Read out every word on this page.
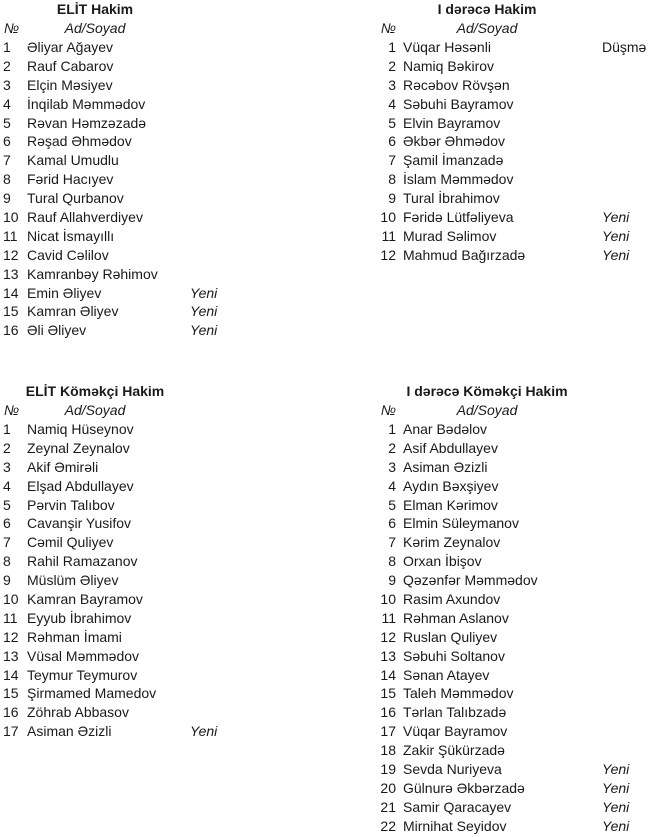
ELİT Hakim
№	Ad/Soyad
1	Əliyar Ağayev
2	Rauf Cabarov
3	Elçin Məsiyev
4	İnqilab Məmmədov
5	Rəvan Həmzəzadə
6	Rəşad Əhmədov
7	Kamal Umudlu
8	Fərid Hacıyev
9	Tural Qurbanov
10 Rauf Allahverdiyev
11 Nicat İsmayıllı
12 Cavid Cəlilov
13 Kamranbəy Rəhimov
14 Emin Əliyev	Yeni
15 Kamran Əliyev	Yeni
16 Əli Əliyev	Yeni
I dərəcə Hakim
№	Ad/Soyad
1 Vüqar Həsənli	Düşmə
2 Namiq Bəkirov
3 Rəcəbov Rövşən
4 Səbuhi Bayramov
5 Elvin Bayramov
6 Əkbər Əhmədov
7 Şamil İmanzadə
8 İslam Məmmədov
9 Tural İbrahimov
10 Fəridə Lütfəliyeva	Yeni
11 Murad Səlimov	Yeni
12 Mahmud Bağırzadə	Yeni
ELİT Köməkçi Hakim
№	Ad/Soyad
1	Namiq Hüseynov
2	Zeynal Zeynalov
3	Akif Əmirəli
4	Elşad Abdullayev
5	Pərvin Talıbov
6	Cavanşir Yusifov
7	Cəmil Quliyev
8	Rahil Ramazanov
9	Müslüm Əliyev
10 Kamran Bayramov
11 Eyyub İbrahimov
12 Rəhman İmami
13 Vüsal Məmmədov
14 Teymur Teymurov
15 Şirmamed Mamedov
16 Zöhrab Abbasov
17 Asiman Əzizli	Yeni
I dərəcə Köməkçi Hakim
№	Ad/Soyad
1 Anar Bədəlov
2 Asif Abdullayev
3 Asiman Əzizli
4 Aydın Bəxşiyev
5 Elman Kərimov
6 Elmin Süleymanov
7 Kərim Zeynalov
8 Orxan İbişov
9 Qəzənfər Məmmədov
10 Rasim Axundov
11 Rəhman Aslanov
12 Ruslan Quliyev
13 Səbuhi Soltanov
14 Sənan Atayev
15 Taleh Məmmədov
16 Tərlan Talıbzadə
17 Vüqar Bayramov
18 Zakir Şükürzadə
19 Sevda Nuriyeva	Yeni
20 Gülnurə Əkbərzadə	Yeni
21 Samir Qaracayev	Yeni
22 Mirnihat Seyidov	Yeni
